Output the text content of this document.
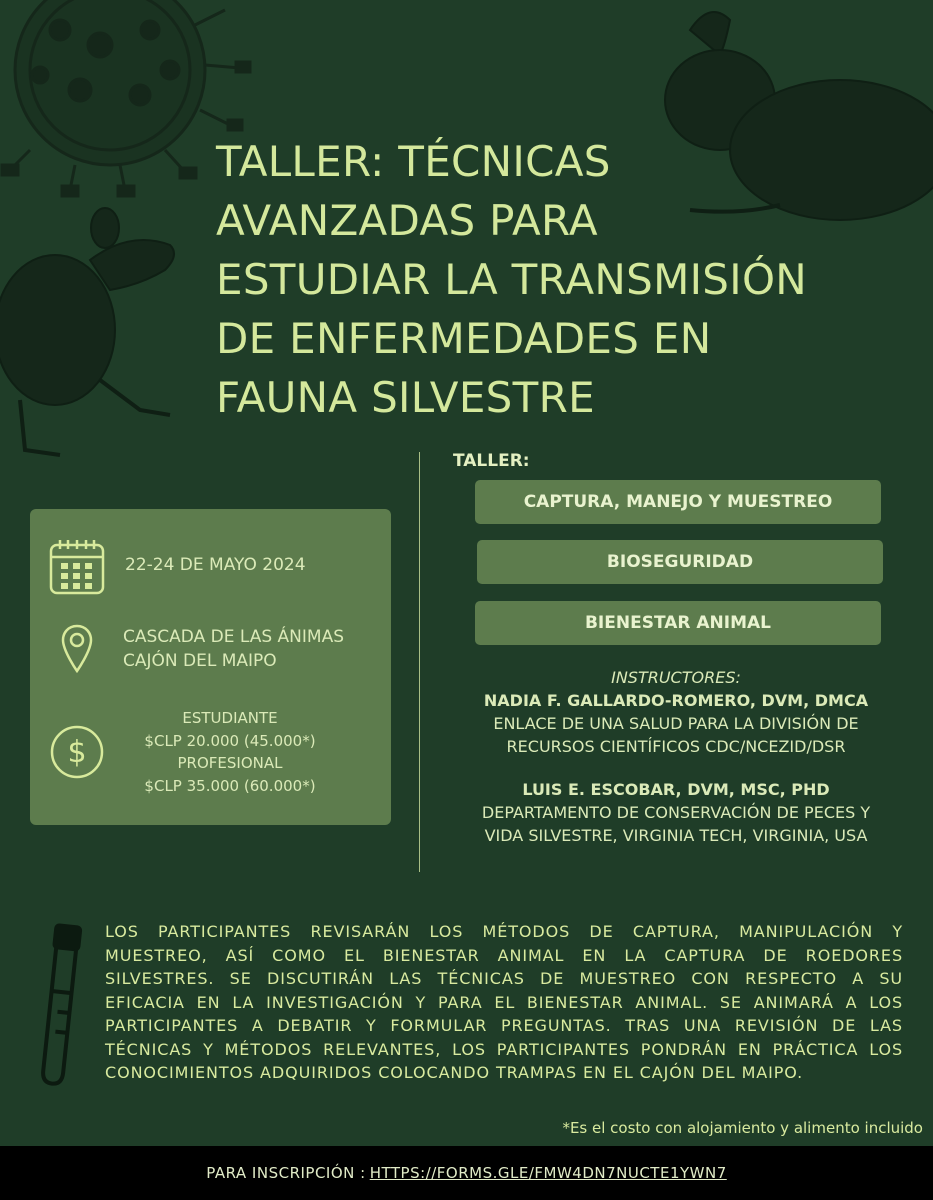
TALLER: TÉCNICAS
AVANZADAS PARA
ESTUDIAR LA TRANSMISIÓN
DE ENFERMEDADES EN
FAUNA SILVESTRE
22-24 DE MAYO 2024
CASCADA DE LAS ÁNIMAS
CAJÓN DEL MAIPO
$
ESTUDIANTE
$CLP 20.000 (45.000*)
PROFESIONAL
$CLP 35.000 (60.000*)
TALLER:
CAPTURA, MANEJO Y MUESTREO
BIOSEGURIDAD
BIENESTAR ANIMAL
INSTRUCTORES:
NADIA F. GALLARDO-ROMERO, DVM, DMCA
ENLACE DE UNA SALUD PARA LA DIVISIÓN DE
RECURSOS CIENTÍFICOS CDC/NCEZID/DSR
LUIS E. ESCOBAR, DVM, MSC, PHD
DEPARTAMENTO DE CONSERVACIÓN DE PECES Y
VIDA SILVESTRE, VIRGINIA TECH, VIRGINIA, USA
LOS PARTICIPANTES REVISARÁN LOS MÉTODOS DE CAPTURA, MANIPULACIÓN Y
MUESTREO, ASÍ COMO EL BIENESTAR ANIMAL EN LA CAPTURA DE ROEDORES
SILVESTRES. SE DISCUTIRÁN LAS TÉCNICAS DE MUESTREO CON RESPECTO A SU
EFICACIA EN LA INVESTIGACIÓN Y PARA EL BIENESTAR ANIMAL. SE ANIMARÁ A LOS
PARTICIPANTES A DEBATIR Y FORMULAR PREGUNTAS. TRAS UNA REVISIÓN DE LAS
TÉCNICAS Y MÉTODOS RELEVANTES, LOS PARTICIPANTES PONDRÁN EN PRÁCTICA LOS
CONOCIMIENTOS ADQUIRIDOS COLOCANDO TRAMPAS EN EL CAJÓN DEL MAIPO.
*Es el costo con alojamiento y alimento incluido
PARA INSCRIPCIÓN : HTTPS://FORMS.GLE/FMW4DN7NUCTE1YWN7
